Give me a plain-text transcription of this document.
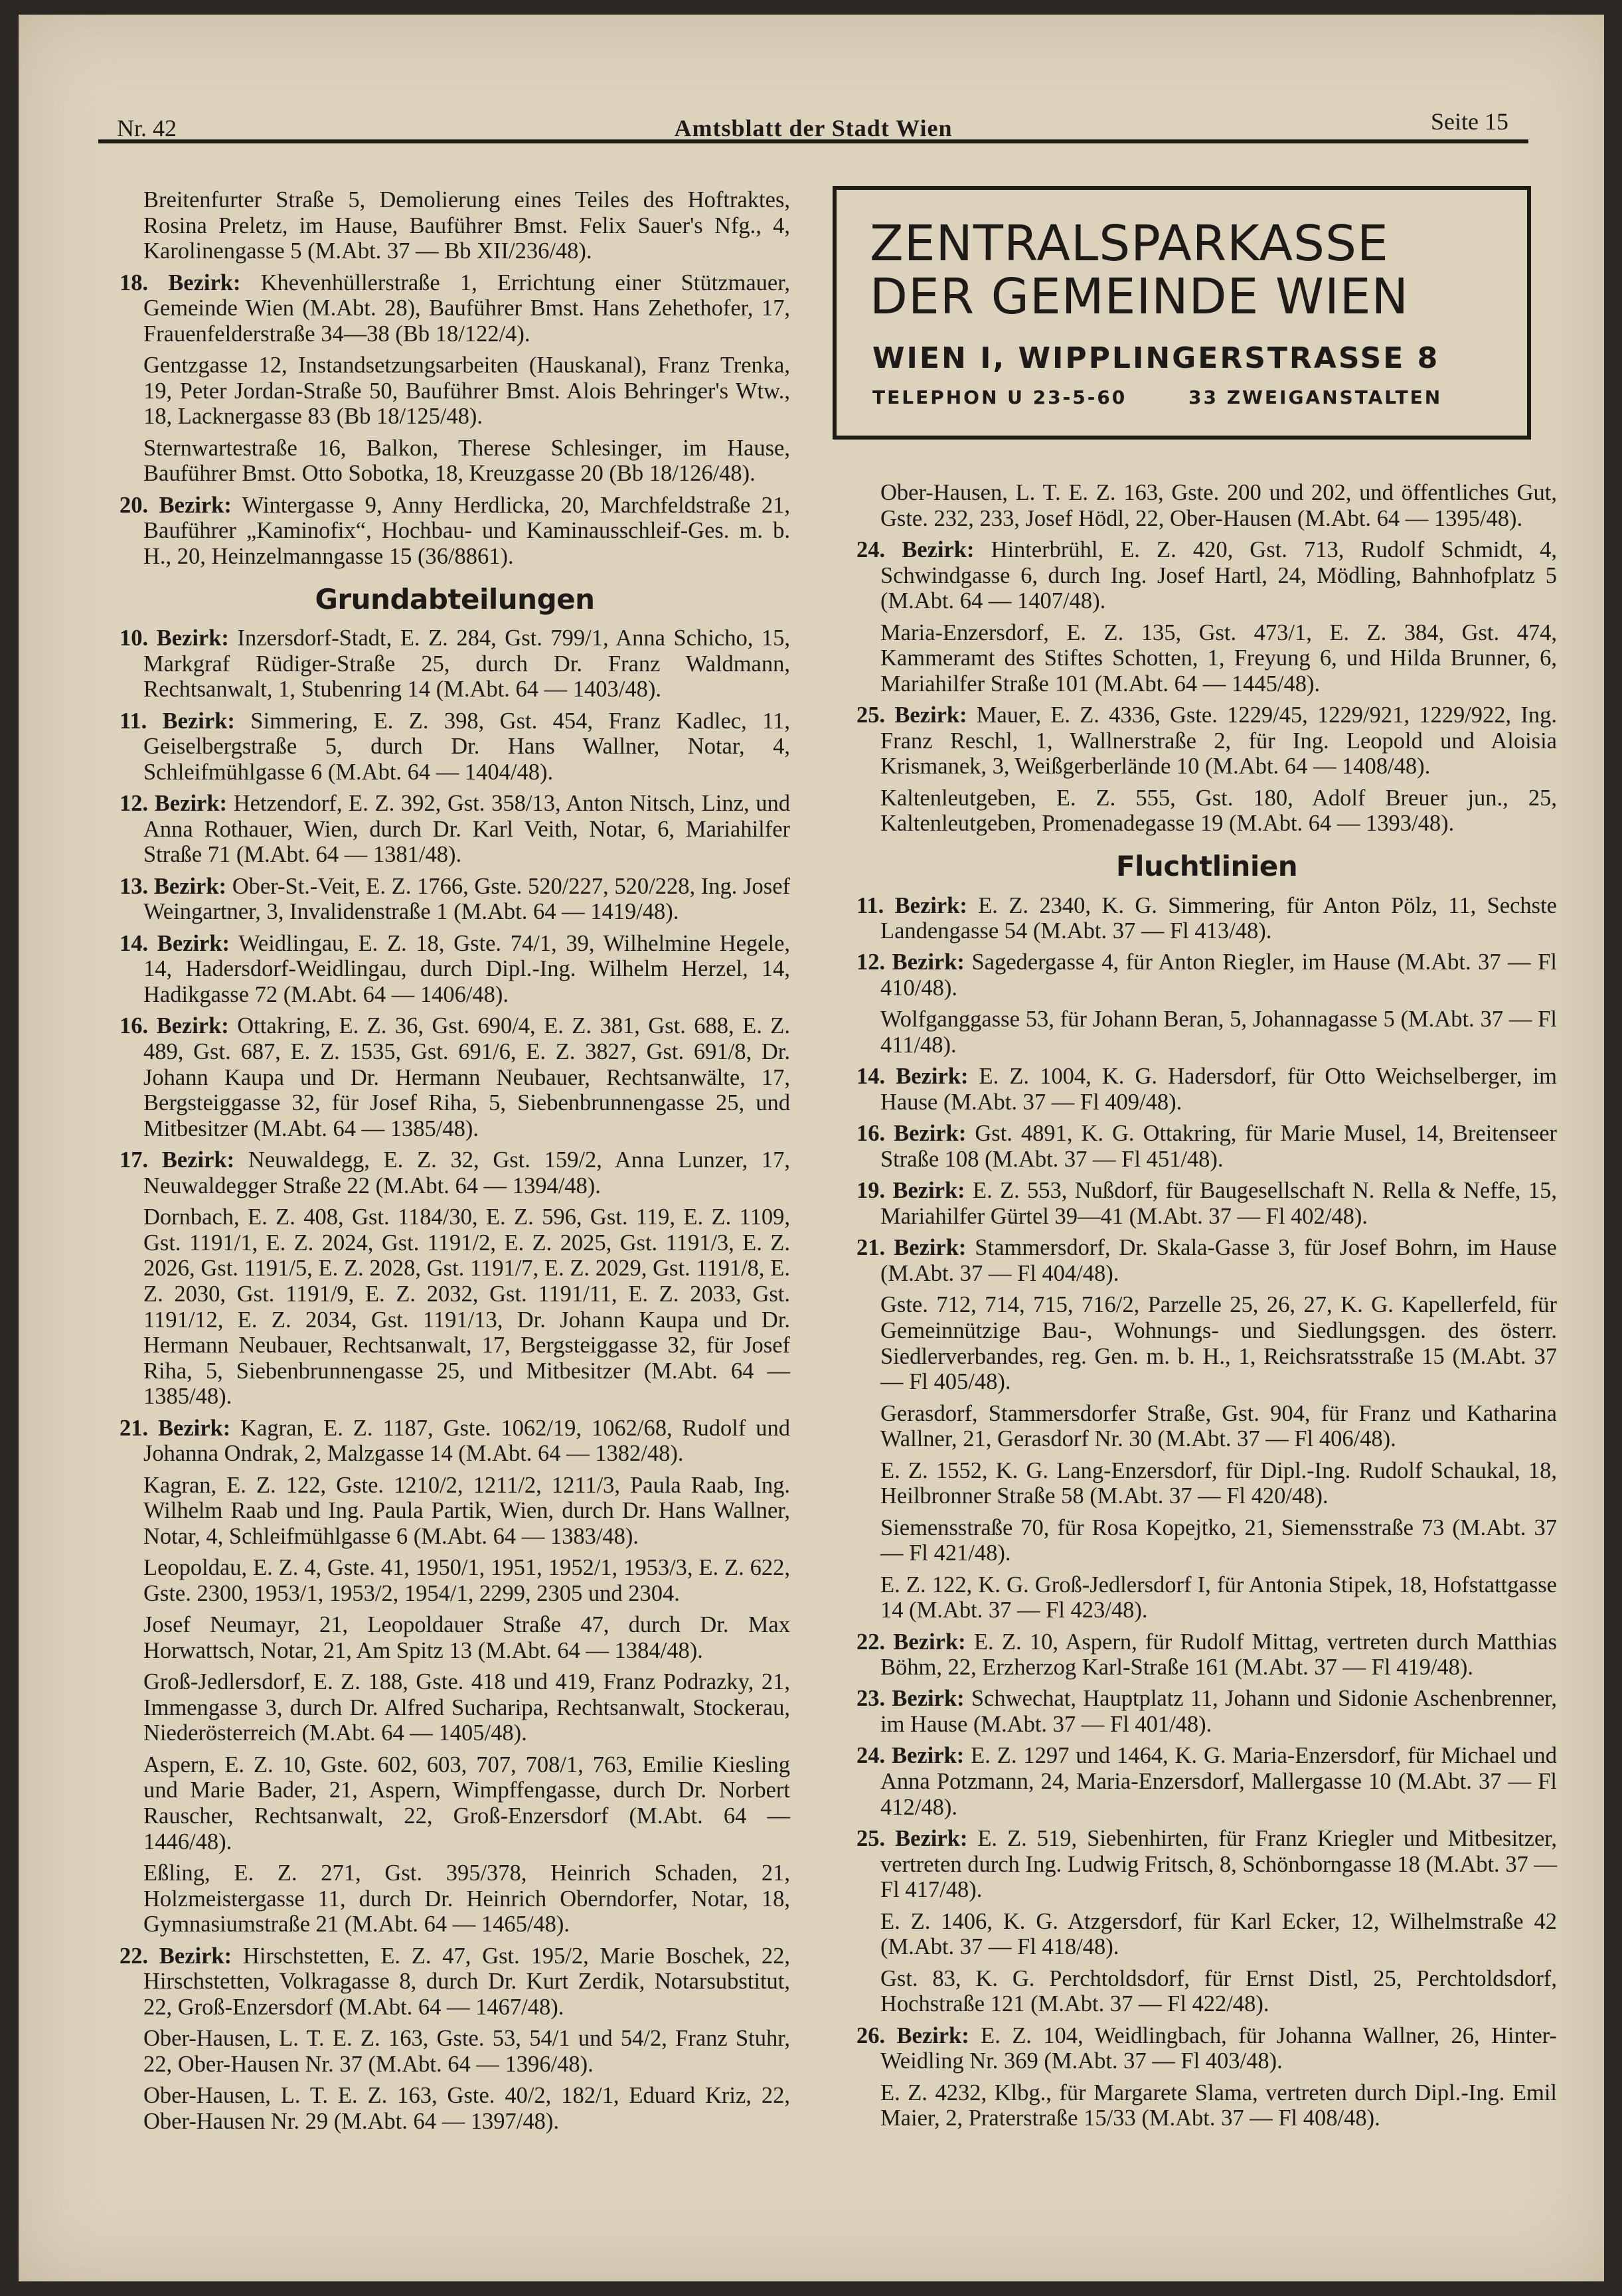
Nr. 42	Amtsblatt der Stadt Wien	Seite 15
ZENTRALSPARKASSE
DER GEMEINDE WIEN
WIEN I, WIPPLINGERSTRASSE 8
TELEPHON U 23-5-60	33 ZWEIGANSTALTEN

Breitenfurter Straße 5, Demolierung eines Teiles des Hoftraktes, Rosina Preletz, im Hause, Bauführer Bmst. Felix Sauer's Nfg., 4, Karolinengasse 5 (M.Abt. 37 — Bb XII/236/48).

18. Bezirk: Khevenhüllerstraße 1, Errichtung einer Stützmauer, Gemeinde Wien (M.Abt. 28), Bauführer Bmst. Hans Zehethofer, 17, Frauenfelderstraße 34—38 (Bb 18/122/4).

Gentzgasse 12, Instandsetzungsarbeiten (Hauskanal), Franz Trenka, 19, Peter Jordan-Straße 50, Bauführer Bmst. Alois Behringer's Wtw., 18, Lacknergasse 83 (Bb 18/125/48).

Sternwartestraße 16, Balkon, Therese Schlesinger, im Hause, Bauführer Bmst. Otto Sobotka, 18, Kreuzgasse 20 (Bb 18/126/48).

20. Bezirk: Wintergasse 9, Anny Herdlicka, 20, Marchfeldstraße 21, Bauführer „Kaminofix“, Hochbau- und Kaminausschleif-Ges. m. b. H., 20, Heinzelmanngasse 15 (36/8861).

Grundabteilungen

10. Bezirk: Inzersdorf-Stadt, E. Z. 284, Gst. 799/1, Anna Schicho, 15, Markgraf Rüdiger-Straße 25, durch Dr. Franz Waldmann, Rechtsanwalt, 1, Stubenring 14 (M.Abt. 64 — 1403/48).

11. Bezirk: Simmering, E. Z. 398, Gst. 454, Franz Kadlec, 11, Geiselbergstraße 5, durch Dr. Hans Wallner, Notar, 4, Schleifmühlgasse 6 (M.Abt. 64 — 1404/48).

12. Bezirk: Hetzendorf, E. Z. 392, Gst. 358/13, Anton Nitsch, Linz, und Anna Rothauer, Wien, durch Dr. Karl Veith, Notar, 6, Mariahilfer Straße 71 (M.Abt. 64 — 1381/48).

13. Bezirk: Ober-St.-Veit, E. Z. 1766, Gste. 520/227, 520/228, Ing. Josef Weingartner, 3, Invalidenstraße 1 (M.Abt. 64 — 1419/48).

14. Bezirk: Weidlingau, E. Z. 18, Gste. 74/1, 39, Wilhelmine Hegele, 14, Hadersdorf-Weidlingau, durch Dipl.-Ing. Wilhelm Herzel, 14, Hadikgasse 72 (M.Abt. 64 — 1406/48).

16. Bezirk: Ottakring, E. Z. 36, Gst. 690/4, E. Z. 381, Gst. 688, E. Z. 489, Gst. 687, E. Z. 1535, Gst. 691/6, E. Z. 3827, Gst. 691/8, Dr. Johann Kaupa und Dr. Hermann Neubauer, Rechtsanwälte, 17, Bergsteiggasse 32, für Josef Riha, 5, Siebenbrunnengasse 25, und Mitbesitzer (M.Abt. 64 — 1385/48).

17. Bezirk: Neuwaldegg, E. Z. 32, Gst. 159/2, Anna Lunzer, 17, Neuwaldegger Straße 22 (M.Abt. 64 — 1394/48).

Dornbach, E. Z. 408, Gst. 1184/30, E. Z. 596, Gst. 119, E. Z. 1109, Gst. 1191/1, E. Z. 2024, Gst. 1191/2, E. Z. 2025, Gst. 1191/3, E. Z. 2026, Gst. 1191/5, E. Z. 2028, Gst. 1191/7, E. Z. 2029, Gst. 1191/8, E. Z. 2030, Gst. 1191/9, E. Z. 2032, Gst. 1191/11, E. Z. 2033, Gst. 1191/12, E. Z. 2034, Gst. 1191/13, Dr. Johann Kaupa und Dr. Hermann Neubauer, Rechtsanwalt, 17, Bergsteiggasse 32, für Josef Riha, 5, Siebenbrunnengasse 25, und Mitbesitzer (M.Abt. 64 — 1385/48).

21. Bezirk: Kagran, E. Z. 1187, Gste. 1062/19, 1062/68, Rudolf und Johanna Ondrak, 2, Malzgasse 14 (M.Abt. 64 — 1382/48).

Kagran, E. Z. 122, Gste. 1210/2, 1211/2, 1211/3, Paula Raab, Ing. Wilhelm Raab und Ing. Paula Partik, Wien, durch Dr. Hans Wallner, Notar, 4, Schleifmühlgasse 6 (M.Abt. 64 — 1383/48).

Leopoldau, E. Z. 4, Gste. 41, 1950/1, 1951, 1952/1, 1953/3, E. Z. 622, Gste. 2300, 1953/1, 1953/2, 1954/1, 2299, 2305 und 2304.

Josef Neumayr, 21, Leopoldauer Straße 47, durch Dr. Max Horwattsch, Notar, 21, Am Spitz 13 (M.Abt. 64 — 1384/48).

Groß-Jedlersdorf, E. Z. 188, Gste. 418 und 419, Franz Podrazky, 21, Immengasse 3, durch Dr. Alfred Sucharipa, Rechtsanwalt, Stockerau, Niederösterreich (M.Abt. 64 — 1405/48).

Aspern, E. Z. 10, Gste. 602, 603, 707, 708/1, 763, Emilie Kiesling und Marie Bader, 21, Aspern, Wimpffengasse, durch Dr. Norbert Rauscher, Rechtsanwalt, 22, Groß-Enzersdorf (M.Abt. 64 — 1446/48).

Eßling, E. Z. 271, Gst. 395/378, Heinrich Schaden, 21, Holzmeistergasse 11, durch Dr. Heinrich Oberndorfer, Notar, 18, Gymnasiumstraße 21 (M.Abt. 64 — 1465/48).

22. Bezirk: Hirschstetten, E. Z. 47, Gst. 195/2, Marie Boschek, 22, Hirschstetten, Volkragasse 8, durch Dr. Kurt Zerdik, Notarsubstitut, 22, Groß-Enzersdorf (M.Abt. 64 — 1467/48).

Ober-Hausen, L. T. E. Z. 163, Gste. 53, 54/1 und 54/2, Franz Stuhr, 22, Ober-Hausen Nr. 37 (M.Abt. 64 — 1396/48).

Ober-Hausen, L. T. E. Z. 163, Gste. 40/2, 182/1, Eduard Kriz, 22, Ober-Hausen Nr. 29 (M.Abt. 64 — 1397/48).

Ober-Hausen, L. T. E. Z. 163, Gste. 200 und 202, und öffentliches Gut, Gste. 232, 233, Josef Hödl, 22, Ober-Hausen (M.Abt. 64 — 1395/48).

24. Bezirk: Hinterbrühl, E. Z. 420, Gst. 713, Rudolf Schmidt, 4, Schwindgasse 6, durch Ing. Josef Hartl, 24, Mödling, Bahnhofplatz 5 (M.Abt. 64 — 1407/48).

Maria-Enzersdorf, E. Z. 135, Gst. 473/1, E. Z. 384, Gst. 474, Kammeramt des Stiftes Schotten, 1, Freyung 6, und Hilda Brunner, 6, Mariahilfer Straße 101 (M.Abt. 64 — 1445/48).

25. Bezirk: Mauer, E. Z. 4336, Gste. 1229/45, 1229/921, 1229/922, Ing. Franz Reschl, 1, Wallnerstraße 2, für Ing. Leopold und Aloisia Krismanek, 3, Weißgerberlände 10 (M.Abt. 64 — 1408/48).

Kaltenleutgeben, E. Z. 555, Gst. 180, Adolf Breuer jun., 25, Kaltenleutgeben, Promenadegasse 19 (M.Abt. 64 — 1393/48).

Fluchtlinien

11. Bezirk: E. Z. 2340, K. G. Simmering, für Anton Pölz, 11, Sechste Landengasse 54 (M.Abt. 37 — Fl 413/48).

12. Bezirk: Sagedergasse 4, für Anton Riegler, im Hause (M.Abt. 37 — Fl 410/48).

Wolfganggasse 53, für Johann Beran, 5, Johannagasse 5 (M.Abt. 37 — Fl 411/48).

14. Bezirk: E. Z. 1004, K. G. Hadersdorf, für Otto Weichselberger, im Hause (M.Abt. 37 — Fl 409/48).

16. Bezirk: Gst. 4891, K. G. Ottakring, für Marie Musel, 14, Breitenseer Straße 108 (M.Abt. 37 — Fl 451/48).

19. Bezirk: E. Z. 553, Nußdorf, für Baugesellschaft N. Rella & Neffe, 15, Mariahilfer Gürtel 39—41 (M.Abt. 37 — Fl 402/48).

21. Bezirk: Stammersdorf, Dr. Skala-Gasse 3, für Josef Bohrn, im Hause (M.Abt. 37 — Fl 404/48).

Gste. 712, 714, 715, 716/2, Parzelle 25, 26, 27, K. G. Kapellerfeld, für Gemeinnützige Bau-, Wohnungs- und Siedlungsgen. des österr. Siedlerverbandes, reg. Gen. m. b. H., 1, Reichsratsstraße 15 (M.Abt. 37 — Fl 405/48).

Gerasdorf, Stammersdorfer Straße, Gst. 904, für Franz und Katharina Wallner, 21, Gerasdorf Nr. 30 (M.Abt. 37 — Fl 406/48).

E. Z. 1552, K. G. Lang-Enzersdorf, für Dipl.-Ing. Rudolf Schaukal, 18, Heilbronner Straße 58 (M.Abt. 37 — Fl 420/48).

Siemensstraße 70, für Rosa Kopejtko, 21, Siemensstraße 73 (M.Abt. 37 — Fl 421/48).

E. Z. 122, K. G. Groß-Jedlersdorf I, für Antonia Stipek, 18, Hofstattgasse 14 (M.Abt. 37 — Fl 423/48).

22. Bezirk: E. Z. 10, Aspern, für Rudolf Mittag, vertreten durch Matthias Böhm, 22, Erzherzog Karl-Straße 161 (M.Abt. 37 — Fl 419/48).

23. Bezirk: Schwechat, Hauptplatz 11, Johann und Sidonie Aschenbrenner, im Hause (M.Abt. 37 — Fl 401/48).

24. Bezirk: E. Z. 1297 und 1464, K. G. Maria-Enzersdorf, für Michael und Anna Potzmann, 24, Maria-Enzersdorf, Mallergasse 10 (M.Abt. 37 — Fl 412/48).

25. Bezirk: E. Z. 519, Siebenhirten, für Franz Kriegler und Mitbesitzer, vertreten durch Ing. Ludwig Fritsch, 8, Schönborngasse 18 (M.Abt. 37 — Fl 417/48).

E. Z. 1406, K. G. Atzgersdorf, für Karl Ecker, 12, Wilhelmstraße 42 (M.Abt. 37 — Fl 418/48).

Gst. 83, K. G. Perchtoldsdorf, für Ernst Distl, 25, Perchtoldsdorf, Hochstraße 121 (M.Abt. 37 — Fl 422/48).

26. Bezirk: E. Z. 104, Weidlingbach, für Johanna Wallner, 26, Hinter-Weidling Nr. 369 (M.Abt. 37 — Fl 403/48).

E. Z. 4232, Klbg., für Margarete Slama, vertreten durch Dipl.-Ing. Emil Maier, 2, Praterstraße 15/33 (M.Abt. 37 — Fl 408/48).
